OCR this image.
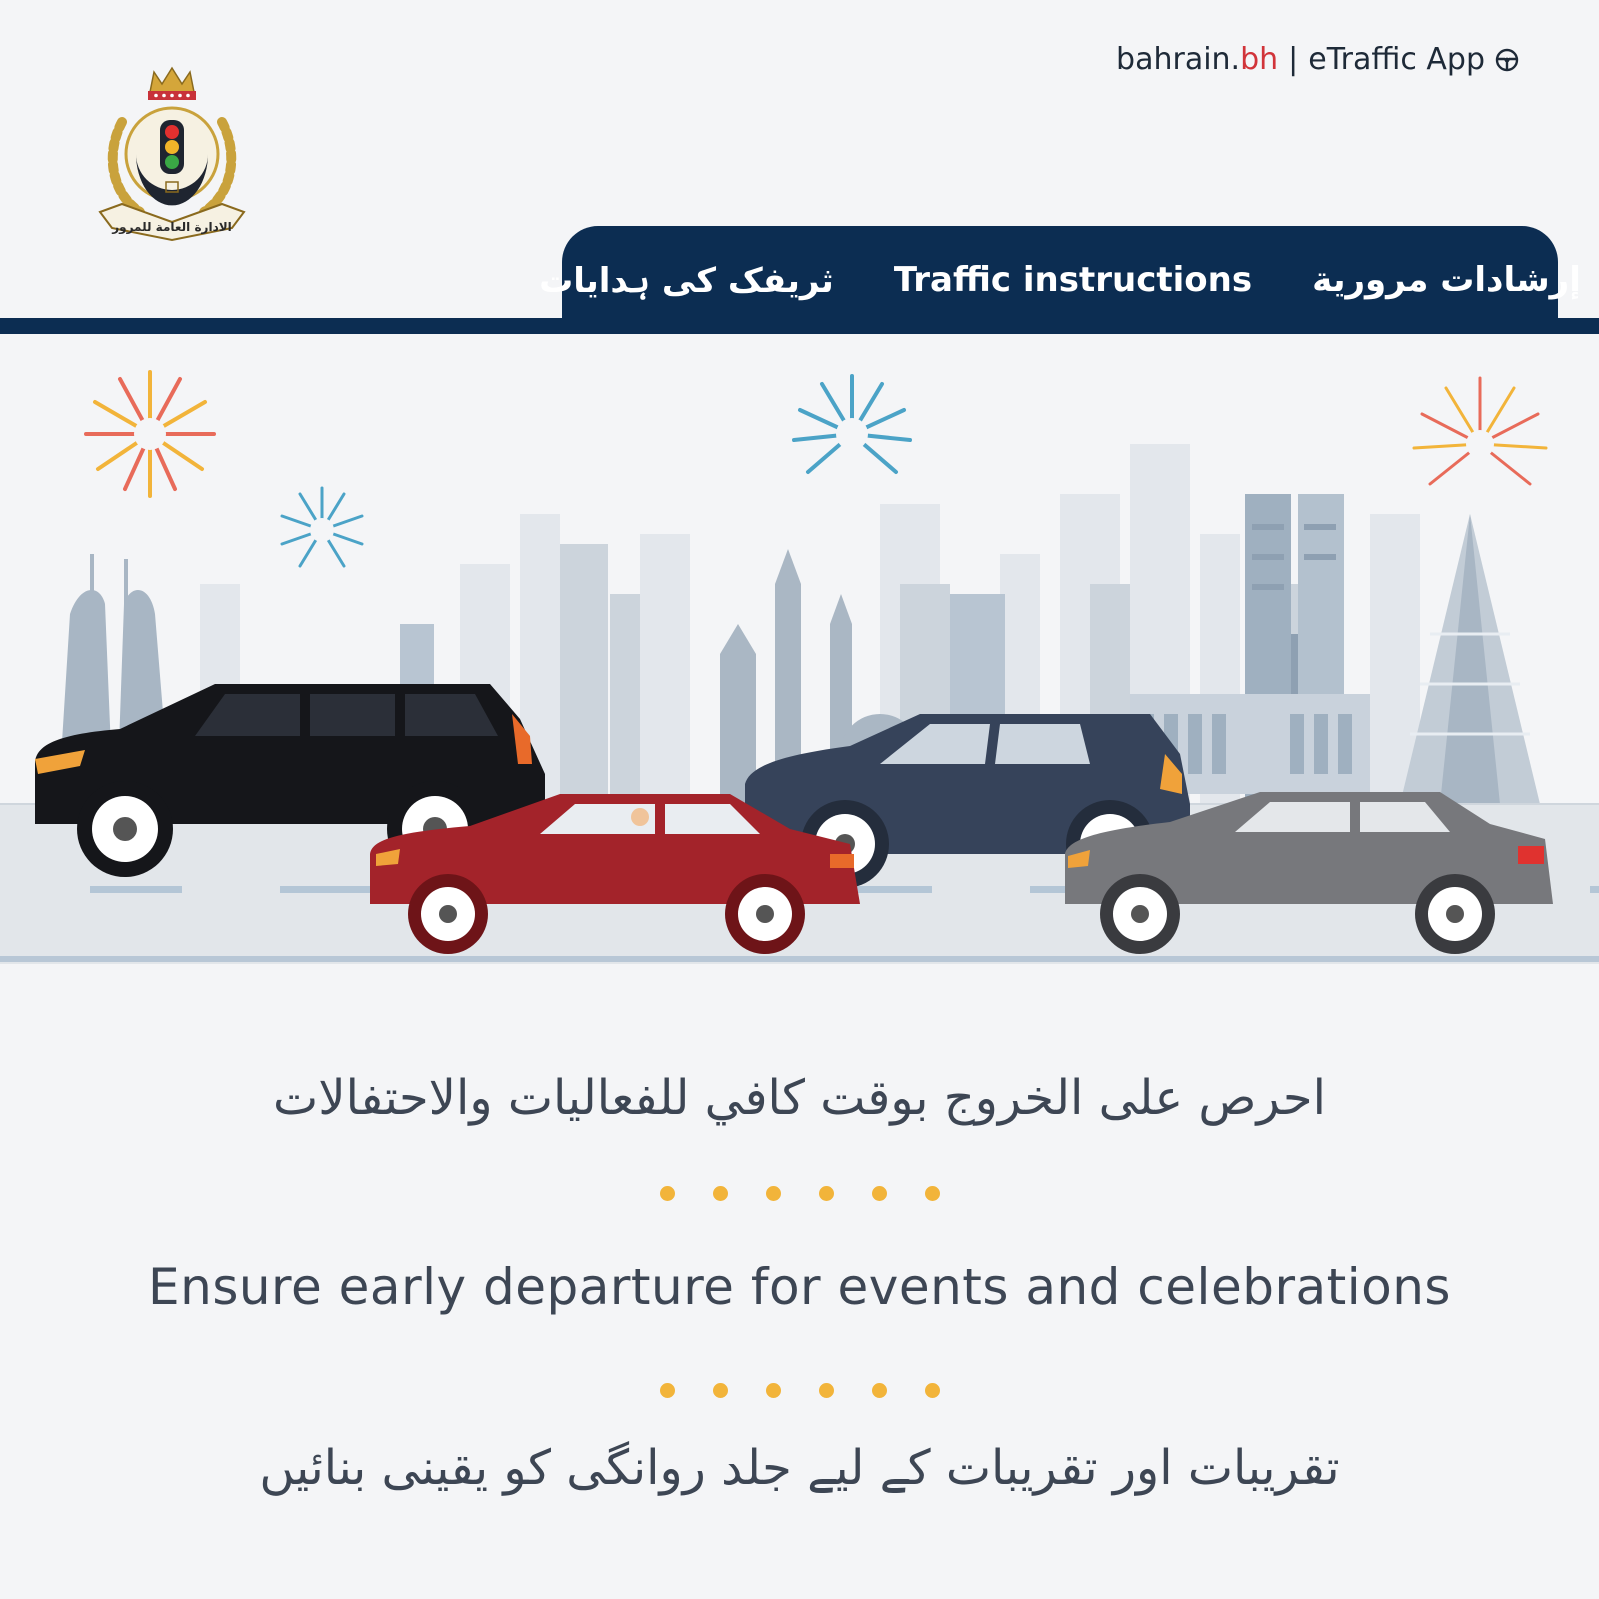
bahrain.bh | eTraffic App
الادارة العامة للمرور
ثريفک کی ہدایات	Traffic instructions	إرشادات مرورية
احرص على الخروج بوقت كافي للفعاليات والاحتفالات
Ensure early departure for events and celebrations
تقریبات اور تقریبات کے لیے جلد روانگی کو یقینی بنائیں
